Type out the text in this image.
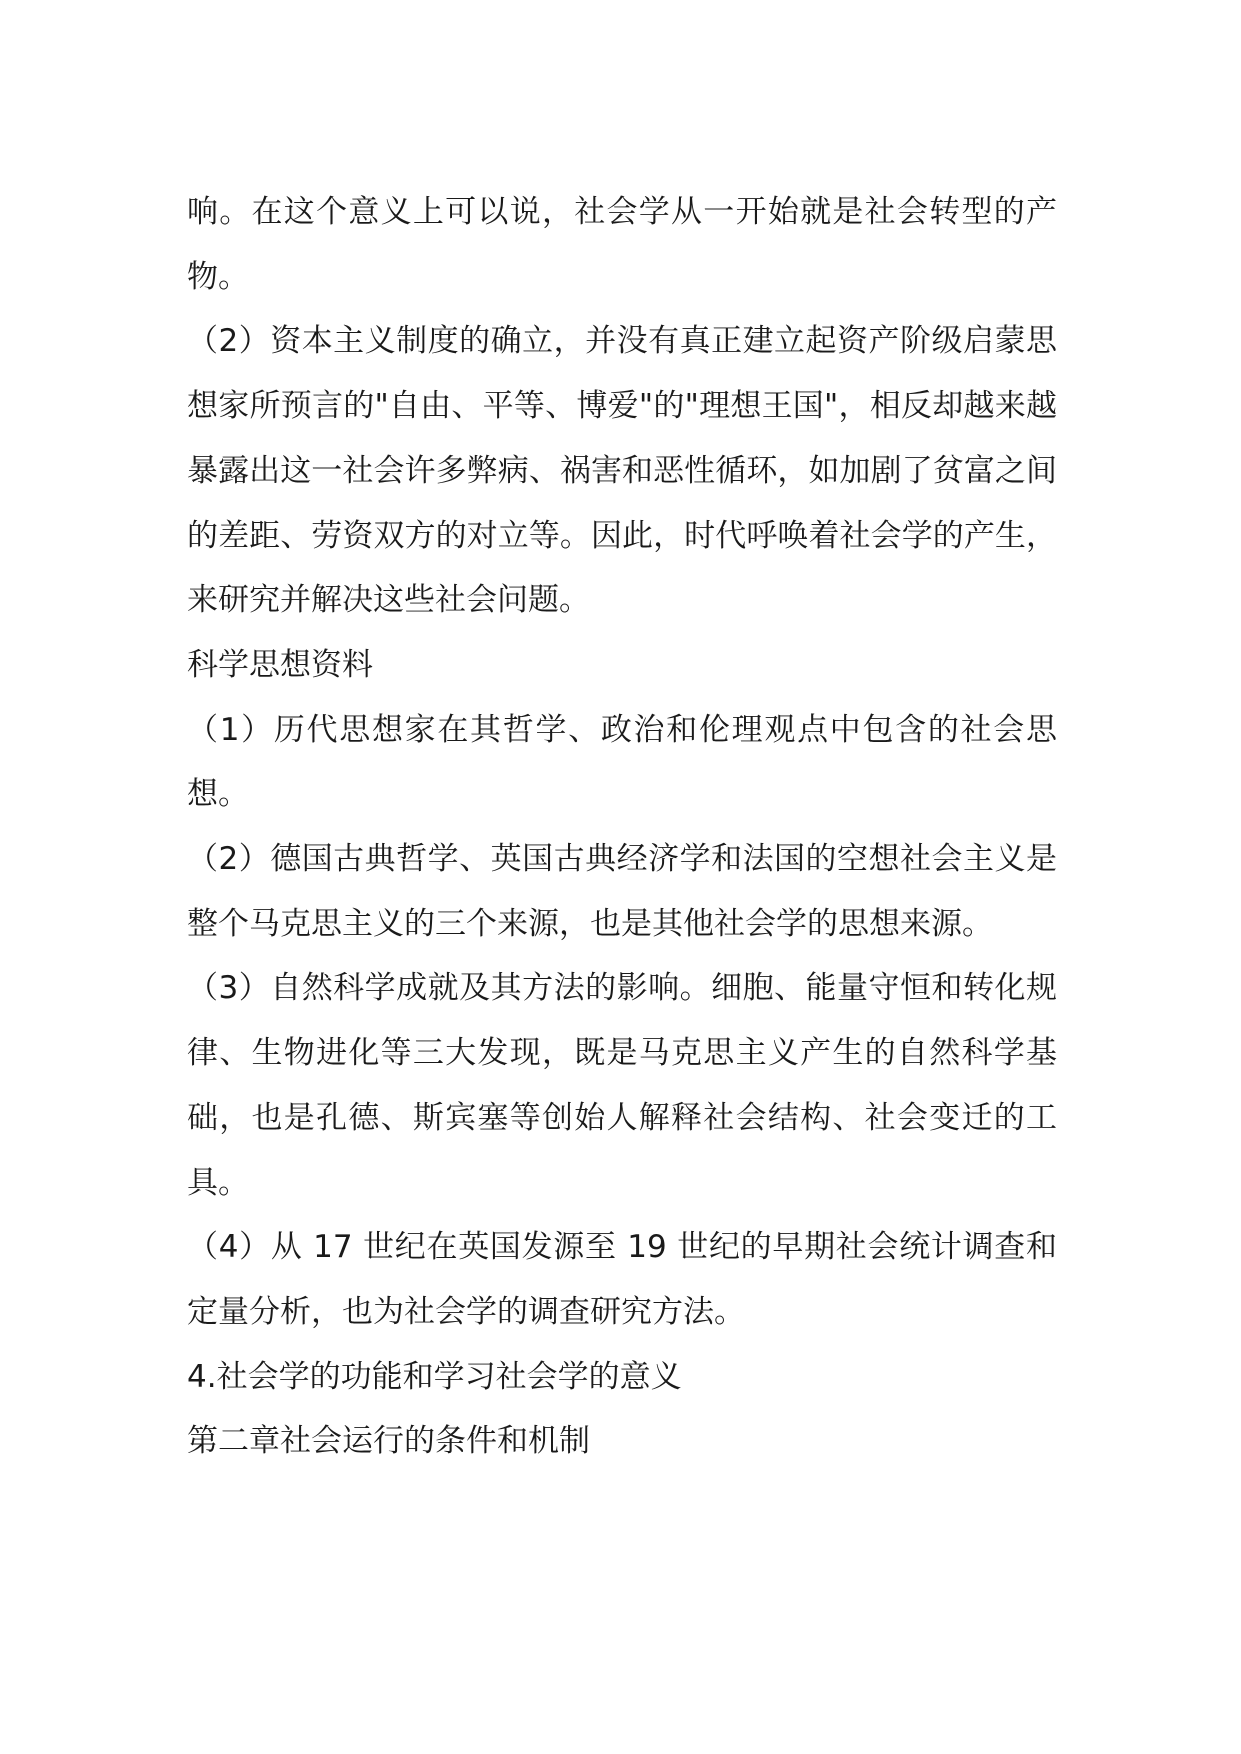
响。在这个意义上可以说，社会学从一开始就是社会转型的产物。

（2）资本主义制度的确立，并没有真正建立起资产阶级启蒙思想家所预言的"自由、平等、博爱"的"理想王国"，相反却越来越暴露出这一社会许多弊病、祸害和恶性循环，如加剧了贫富之间的差距、劳资双方的对立等。因此，时代呼唤着社会学的产生，来研究并解决这些社会问题。

科学思想资料

（1）历代思想家在其哲学、政治和伦理观点中包含的社会思想。

（2）德国古典哲学、英国古典经济学和法国的空想社会主义是整个马克思主义的三个来源，也是其他社会学的思想来源。

（3）自然科学成就及其方法的影响。细胞、能量守恒和转化规律、生物进化等三大发现，既是马克思主义产生的自然科学基础，也是孔德、斯宾塞等创始人解释社会结构、社会变迁的工具。

（4）从 17 世纪在英国发源至 19 世纪的早期社会统计调查和定量分析，也为社会学的调查研究方法。

4.社会学的功能和学习社会学的意义

第二章社会运行的条件和机制
